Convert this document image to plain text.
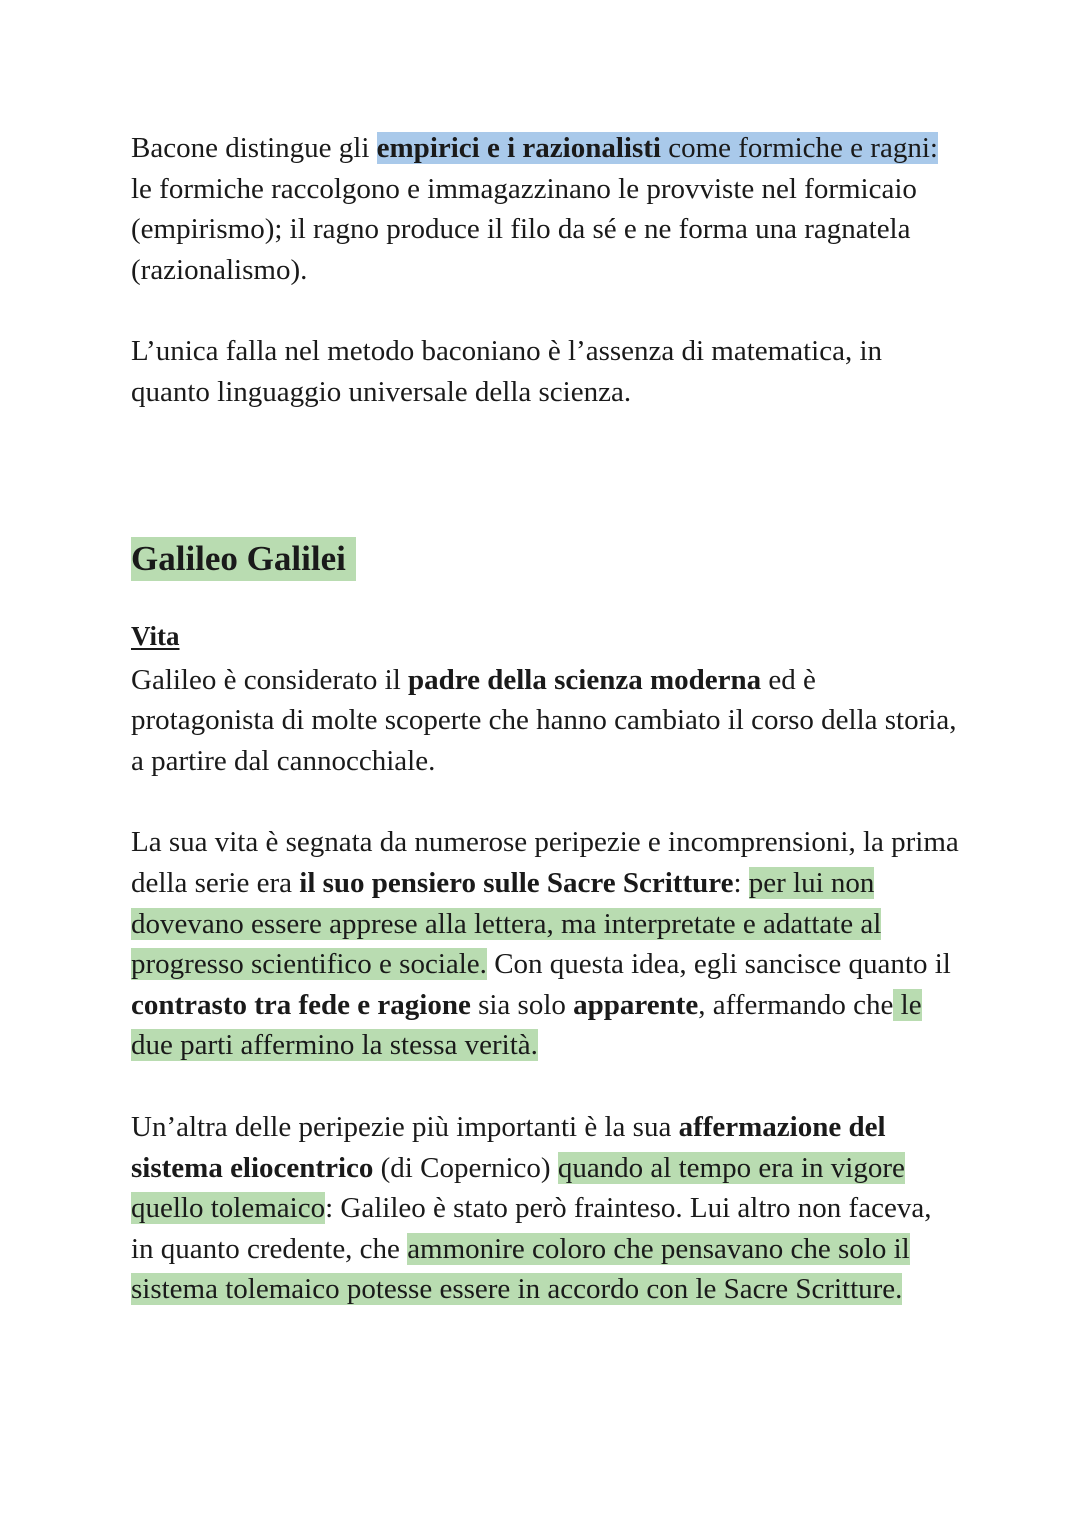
Bacone distingue gli empirici e i razionalisti come formiche e ragni: le formiche raccolgono e immagazzinano le provviste nel formicaio (empirismo); il ragno produce il filo da sé e ne forma una ragnatela (razionalismo).

L’unica falla nel metodo baconiano è l’assenza di matematica, in quanto linguaggio universale della scienza.

Galileo Galilei
Vita

Galileo è considerato il padre della scienza moderna ed è protagonista di molte scoperte che hanno cambiato il corso della storia, a partire dal cannocchiale.

La sua vita è segnata da numerose peripezie e incomprensioni, la prima della serie era il suo pensiero sulle Sacre Scritture: per lui non dovevano essere apprese alla lettera, ma interpretate e adattate al progresso scientifico e sociale. Con questa idea, egli sancisce quanto il contrasto tra fede e ragione sia solo apparente, affermando che le due parti affermino la stessa verità.

Un’altra delle peripezie più importanti è la sua affermazione del sistema eliocentrico (di Copernico) quando al tempo era in vigore quello tolemaico: Galileo è stato però frainteso. Lui altro non faceva, in quanto credente, che ammonire coloro che pensavano che solo il sistema tolemaico potesse essere in accordo con le Sacre Scritture.
